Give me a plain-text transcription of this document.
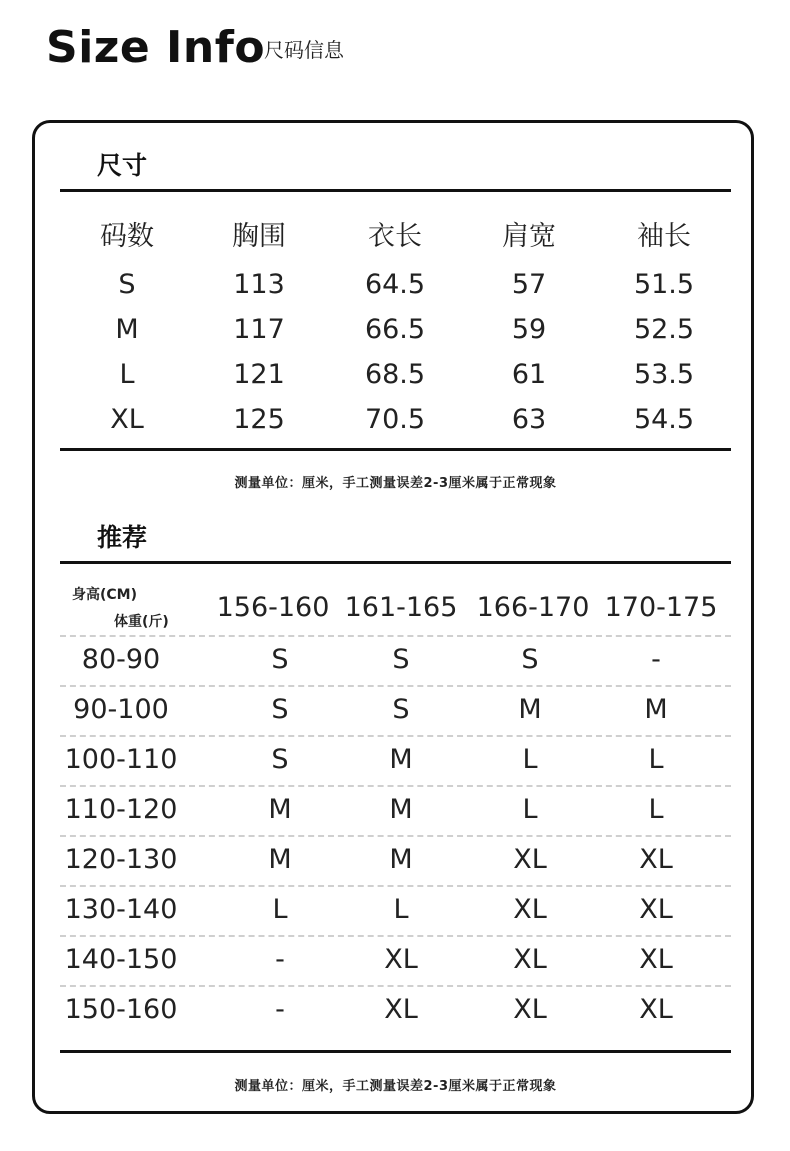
Size Info
尺码信息
尺寸
码数	胸围	衣长	肩宽	袖长
S	113	64.5	57	51.5
M	117	66.5	59	52.5
L	121	68.5	61	53.5
XL	125	70.5	63	54.5
测量单位：厘米，手工测量误差2-3厘米属于正常现象
推荐
身高(CM)
体重(斤)	156-160 161-165 166-170 170-175
80-90	S	S	S	-
90-100	S	S	M	M
100-110	S	M	L	L
110-120	M	M	L	L
120-130	M	M	XL	XL
130-140	L	L	XL	XL
140-150	-	XL	XL	XL
150-160	-	XL	XL	XL
测量单位：厘米，手工测量误差2-3厘米属于正常现象
